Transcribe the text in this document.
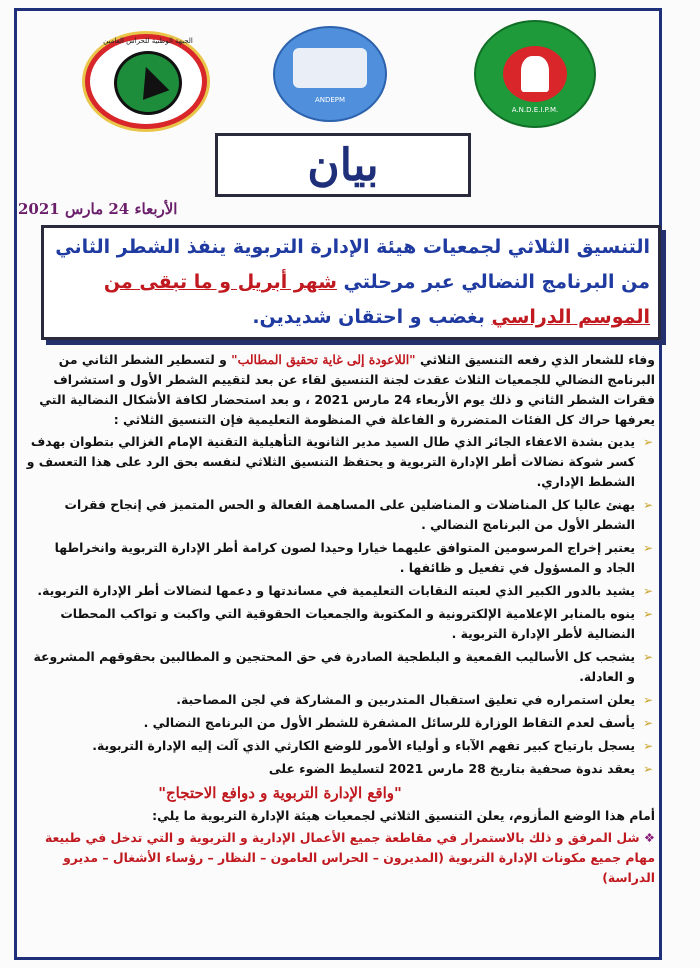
الجبهة الوطنية للحراس العامين
ANDEPM
A.N.D.E.I.P.M.
بيان
الأربعاء 24 مارس 2021
التنسيق الثلاثي لجمعيات هيئة الإدارة التربوية ينفذ الشطر الثاني
من البرنامج النضالي عبر مرحلتي شهر أبريل و ما تبقى من
الموسم الدراسي بغضب و احتقان شديدين.

وفاء للشعار الذي رفعه التنسيق الثلاثي "اللاعودة إلى غاية تحقيق المطالب" و لتسطير الشطر الثاني من البرنامج النضالي للجمعيات الثلاث عقدت لجنة التنسيق لقاء عن بعد لتقييم الشطر الأول و استشراف فقرات الشطر الثاني و ذلك يوم الأربعاء 24 مارس 2021 ، و بعد استحضار لكافة الأشكال النضالية التي يعرفها حراك كل الفئات المتضررة و الفاعلة في المنظومة التعليمية فإن التنسيق الثلاثي :

➢
يدين بشدة الاعفاء الجائر الذي طال السيد مدير الثانوية التأهيلية التقنية الإمام الغزالي بتطوان بهدف كسر شوكة نضالات أطر الإدارة التربوية و يحتفظ التنسيق الثلاثي لنفسه بحق الرد على هذا التعسف و الشطط الإداري.
➢
يهنئ عاليا كل المناضلات و المناضلين على المساهمة الفعالة و الحس المتميز في إنجاح فقرات الشطر الأول من البرنامج النضالي .
➢
يعتبر إخراج المرسومين المتوافق عليهما خيارا وحيدا لصون كرامة أطر الإدارة التربوية وانخراطها الجاد و المسؤول في تفعيل و ظائفها .
➢
يشيد بالدور الكبير الذي لعبته النقابات التعليمية في مساندتها و دعمها لنضالات أطر الإدارة التربوية.
➢
ينوه بالمنابر الإعلامية الإلكترونية و المكتوبة والجمعيات الحقوقية التي واكبت و تواكب المحطات النضالية لأطر الإدارة التربوية .
➢
يشجب كل الأساليب القمعية و البلطجية الصادرة في حق المحتجين و المطالبين بحقوقهم المشروعة و العادلة.
➢
يعلن استمراره في تعليق استقبال المتدربين و المشاركة في لجن المصاحبة.
➢
يأسف لعدم التقاط الوزارة للرسائل المشفرة للشطر الأول من البرنامج النضالي .
➢
يسجل بارتياح كبير تفهم الآباء و أولياء الأمور للوضع الكارثي الذي آلت إليه الإدارة التربوية.
➢
يعقد ندوة صحفية بتاريخ 28 مارس 2021 لتسليط الضوء على

"واقع الإدارة التربوية و دوافع الاحتجاج"

أمام هذا الوضع المأزوم، يعلن التنسيق الثلاثي لجمعيات هيئة الإدارة التربوية ما يلي:

❖ شل المرفق و ذلك بالاستمرار في مقاطعة جميع الأعمال الإدارية و التربوية و التي تدخل في طبيعة مهام جميع مكونات الإدارة التربوية (المديرون – الحراس العامون – النظار – رؤساء الأشغال – مديرو الدراسة)
